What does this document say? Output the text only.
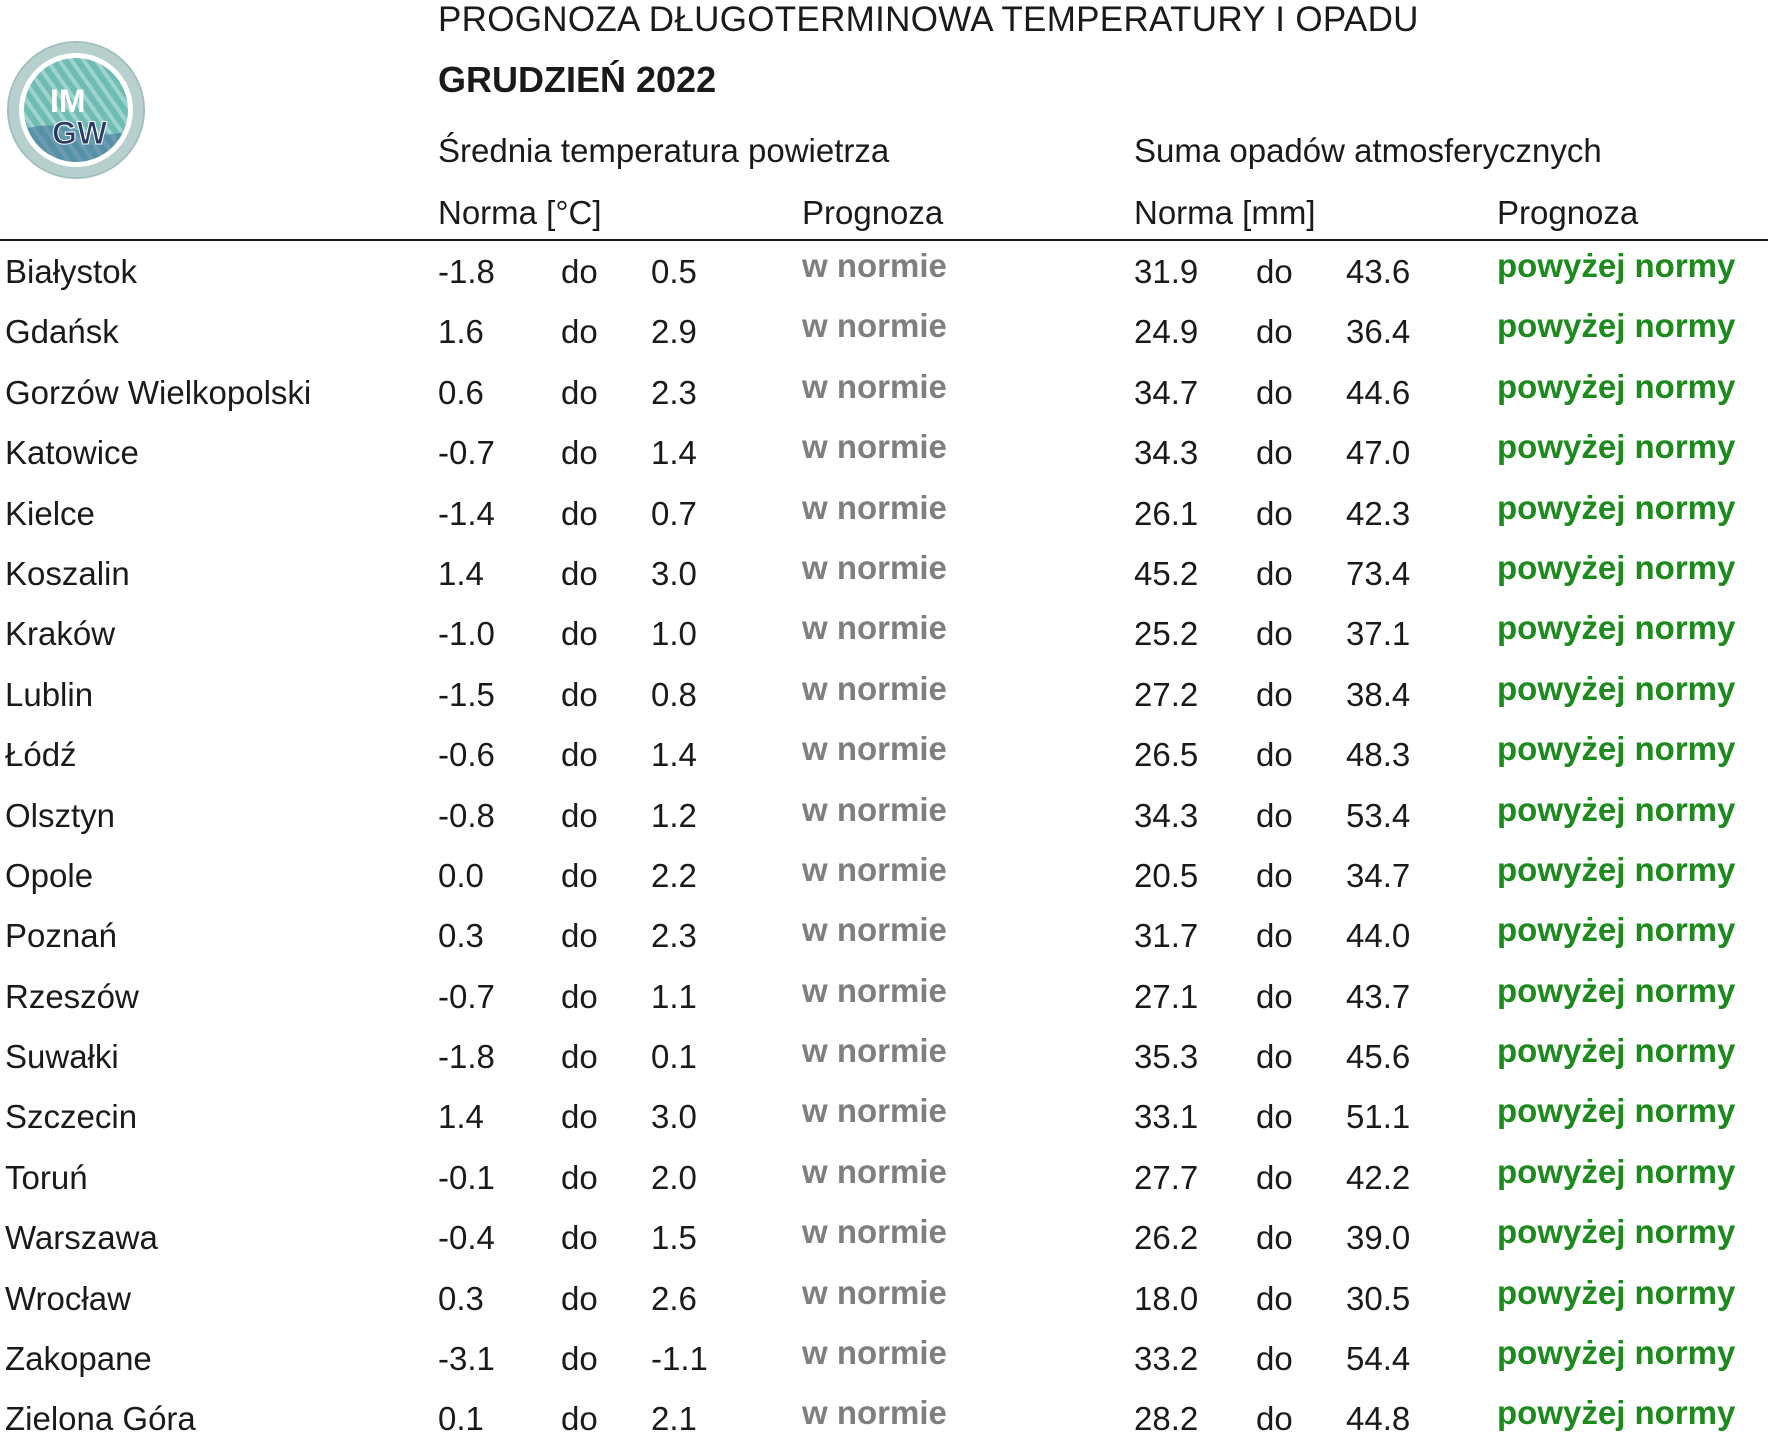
IM
GW
PROGNOZA DŁUGOTERMINOWA TEMPERATURY I OPADU
GRUDZIEŃ 2022
Średnia temperatura powietrza	Suma opadów atmosferycznych
Norma [°C]	Prognoza	Norma [mm]	Prognoza
Białystok	-1.8 do 0.5	w normie	31.9 do 43.6	powyżej normy
Gdańsk	1.6 do 2.9	w normie	24.9 do 36.4	powyżej normy
Gorzów Wielkopolski	0.6 do 2.3	w normie	34.7 do 44.6	powyżej normy
Katowice	-0.7 do 1.4	w normie	34.3 do 47.0	powyżej normy
Kielce	-1.4 do 0.7	w normie	26.1 do 42.3	powyżej normy
Koszalin	1.4 do 3.0	w normie	45.2 do 73.4	powyżej normy
Kraków	-1.0 do 1.0	w normie	25.2 do 37.1	powyżej normy
Lublin	-1.5 do 0.8	w normie	27.2 do 38.4	powyżej normy
Łódź	-0.6 do 1.4	w normie	26.5 do 48.3	powyżej normy
Olsztyn	-0.8 do 1.2	w normie	34.3 do 53.4	powyżej normy
Opole	0.0 do 2.2	w normie	20.5 do 34.7	powyżej normy
Poznań	0.3 do 2.3	w normie	31.7 do 44.0	powyżej normy
Rzeszów	-0.7 do 1.1	w normie	27.1 do 43.7	powyżej normy
Suwałki	-1.8 do 0.1	w normie	35.3 do 45.6	powyżej normy
Szczecin	1.4 do 3.0	w normie	33.1 do 51.1	powyżej normy
Toruń	-0.1 do 2.0	w normie	27.7 do 42.2	powyżej normy
Warszawa	-0.4 do 1.5	w normie	26.2 do 39.0	powyżej normy
Wrocław	0.3 do 2.6	w normie	18.0 do 30.5	powyżej normy
Zakopane	-3.1 do -1.1	w normie	33.2 do 54.4	powyżej normy
Zielona Góra	0.1 do 2.1	w normie	28.2 do 44.8	powyżej normy
